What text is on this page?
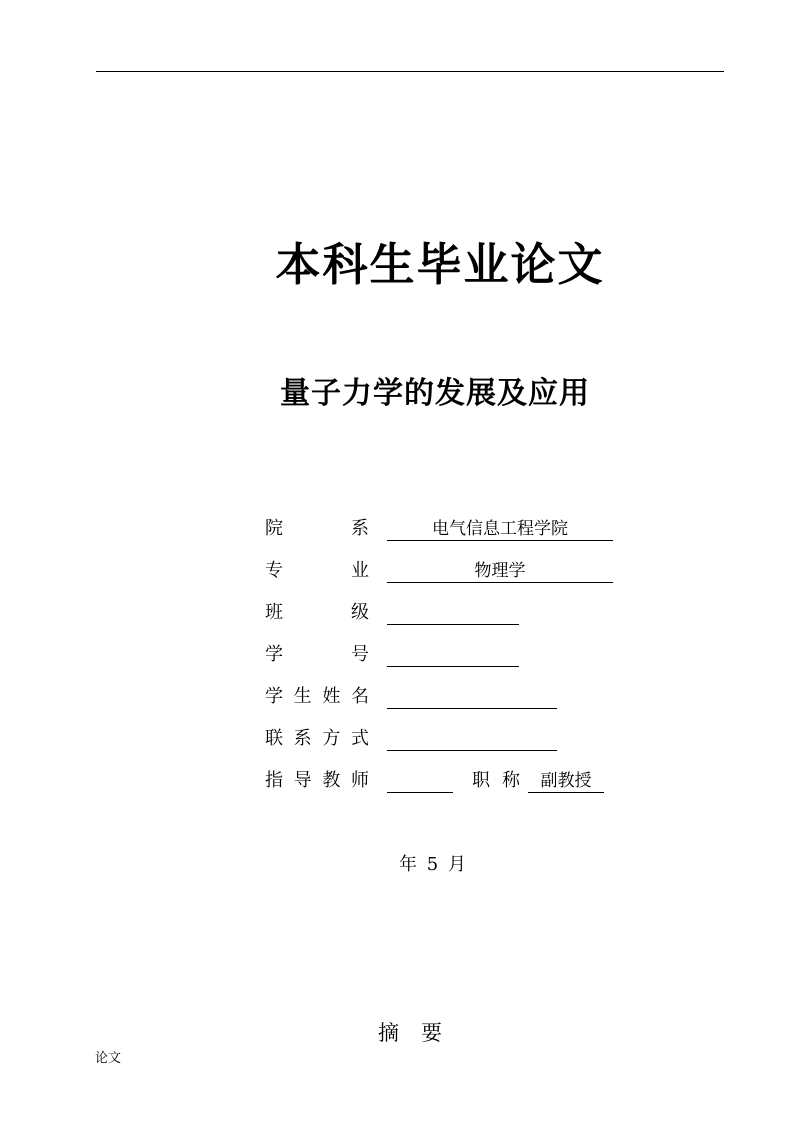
本科生毕业论文
量子力学的发展及应用
院	系	电气信息工程学院
专	业	物理学
班	级
学	号
学 生 姓 名
联 系 方 式
指 导 教 师	职 称	副教授
年 5 月
摘 要
论文
